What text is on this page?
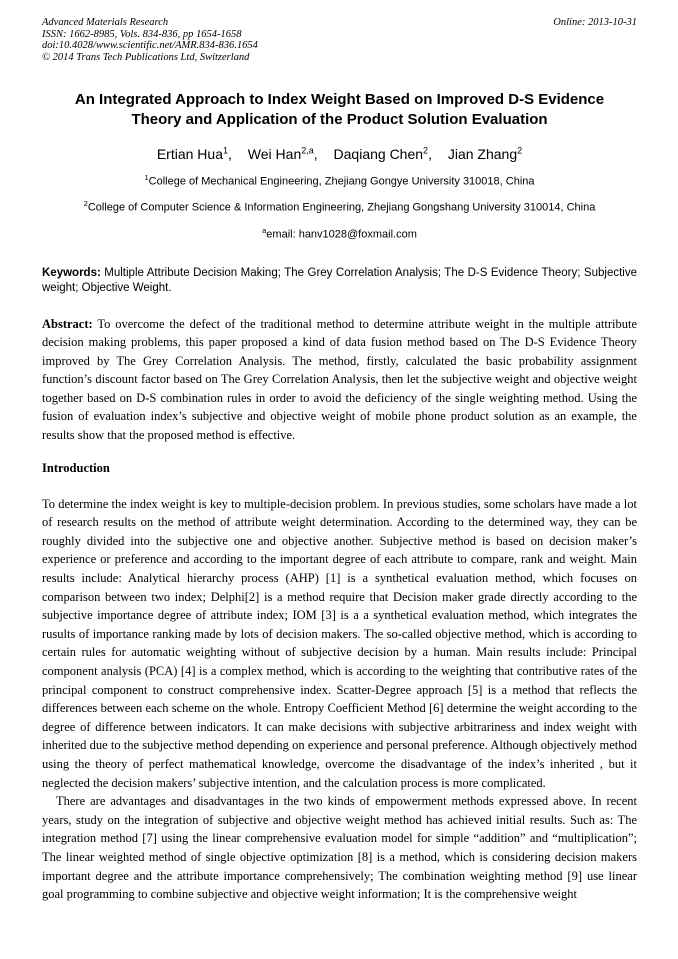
Advanced Materials Research
ISSN: 1662-8985, Vols. 834-836, pp 1654-1658
doi:10.4028/www.scientific.net/AMR.834-836.1654
© 2014 Trans Tech Publications Ltd, Switzerland
Online: 2013-10-31
An Integrated Approach to Index Weight Based on Improved D-S Evidence Theory and Application of the Product Solution Evaluation
Ertian Hua$^1$, Wei Han$^{2,a}$, Daqiang Chen$^2$, Jian Zhang$^2$
$^1$College of Mechanical Engineering, Zhejiang Gongye University 310018, China
$^2$College of Computer Science & Information Engineering, Zhejiang Gongshang University 310014, China
$^a$email: hanv1028@foxmail.com

Keywords: Multiple Attribute Decision Making; The Grey Correlation Analysis; The D-S Evidence Theory; Subjective weight; Objective Weight.

Abstract: To overcome the defect of the traditional method to determine attribute weight in the multiple attribute decision making problems, this paper proposed a kind of data fusion method based on The D-S Evidence Theory improved by The Grey Correlation Analysis. The method, firstly, calculated the basic probability assignment function’s discount factor based on The Grey Correlation Analysis, then let the subjective weight and objective weight together based on D-S combination rules in order to avoid the deficiency of the single weighting method. Using the fusion of evaluation index’s subjective and objective weight of mobile phone product solution as an example, the results show that the proposed method is effective.

Introduction

To determine the index weight is key to multiple-decision problem. In previous studies, some scholars have made a lot of research results on the method of attribute weight determination. According to the determined way, they can be roughly divided into the subjective one and objective another. Subjective method is based on decision maker’s experience or preference and according to the important degree of each attribute to compare, rank and weight. Main results include: Analytical hierarchy process (AHP) [1] is a synthetical evaluation method, which focuses on comparison between two index; Delphi[2] is a method require that Decision maker grade directly according to the subjective importance degree of attribute index; IOM [3] is a a synthetical evaluation method, which integrates the rusults of importance ranking made by lots of decision makers. The so-called objective method, which is according to certain rules for automatic weighting without of subjective decision by a human. Main results include: Principal component analysis (PCA) [4] is a complex method, which is according to the weighting that contributive rates of the principal component to construct comprehensive index. Scatter-Degree approach [5] is a method that reflects the differences between each scheme on the whole. Entropy Coefficient Method [6] determine the weight according to the degree of difference between indicators. It can make decisions with subjective arbitrariness and index weight with inherited due to the subjective method depending on experience and personal preference. Although objectively method using the theory of perfect mathematical knowledge, overcome the disadvantage of the index’s inherited , but it neglected the decision makers’ subjective intention, and the calculation process is more complicated.

There are advantages and disadvantages in the two kinds of empowerment methods expressed above. In recent years, study on the integration of subjective and objective weight method has achieved initial results. Such as: The integration method [7] using the linear comprehensive evaluation model for simple “addition” and “multiplication”; The linear weighted method of single objective optimization [8] is a method, which is considering decision makers important degree and the attribute importance comprehensively; The combination weighting method [9] use linear goal programming to combine subjective and objective weight information; It is the comprehensive weight
